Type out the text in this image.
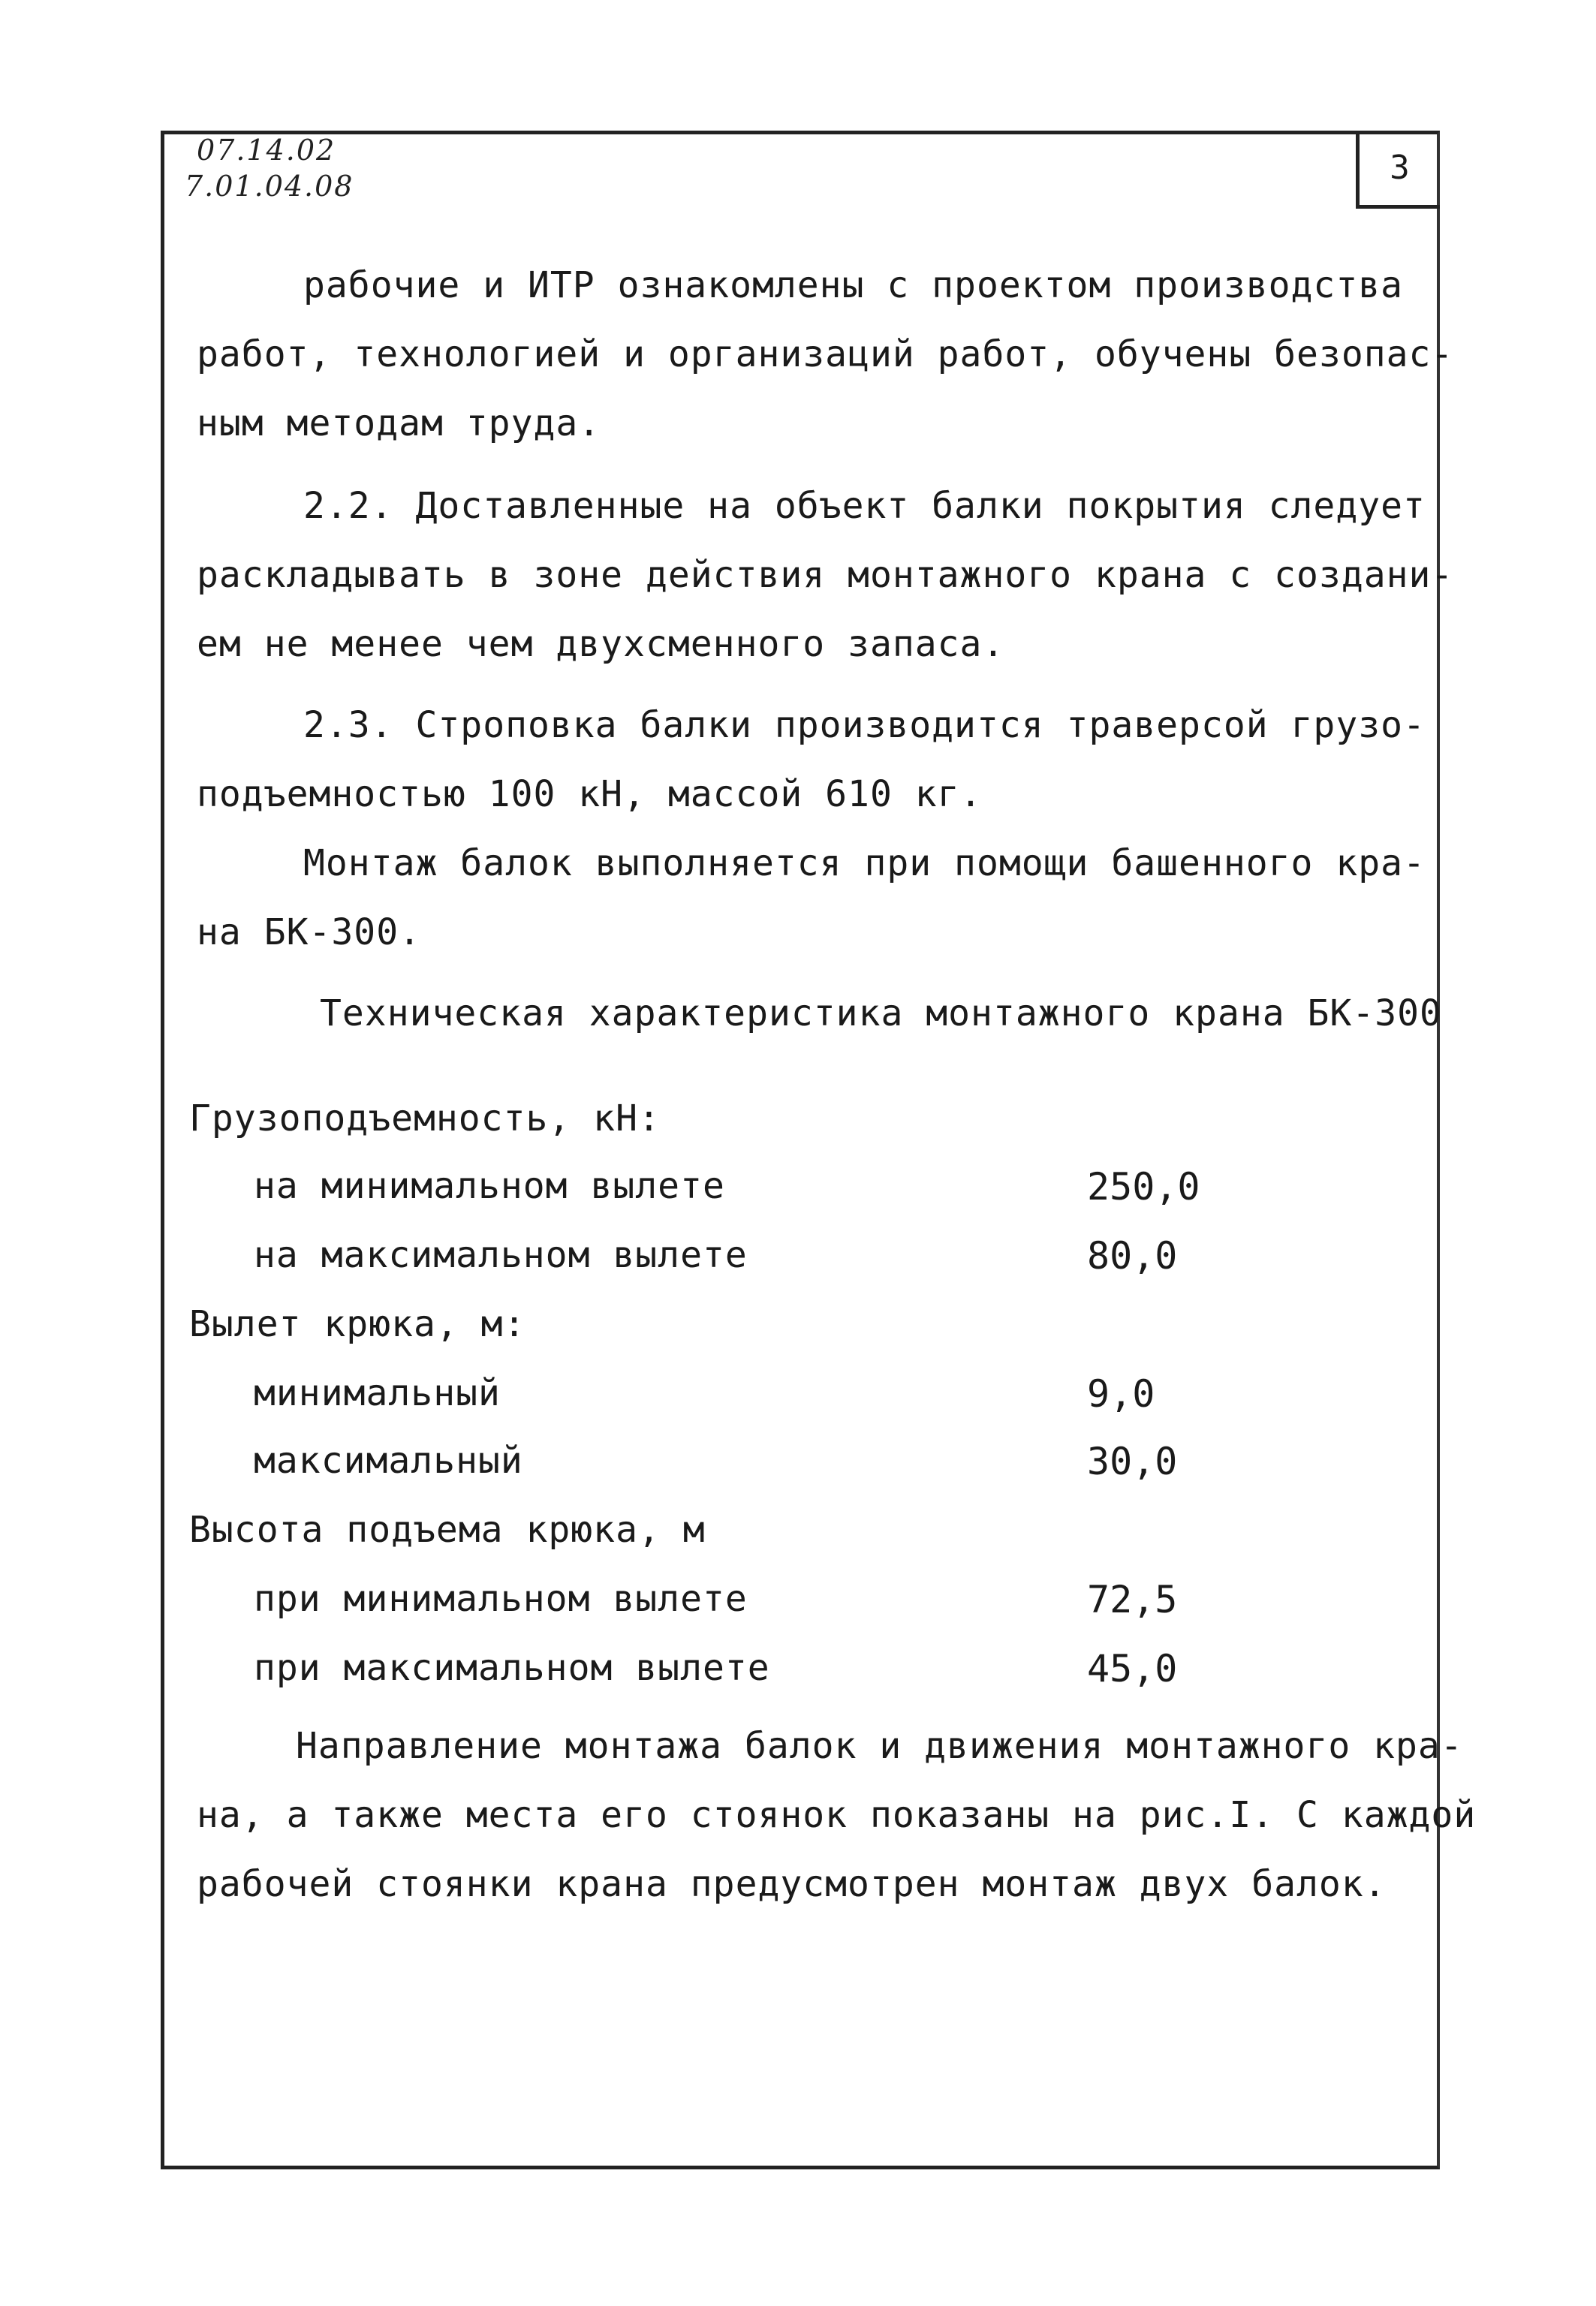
07.14.02
7.01.04.08	3
рабочие и ИТР ознакомлены с проектом производства
работ, технологией и организаций работ, обучены безопас-
ным методам труда.
2.2. Доставленные на объект балки покрытия следует
раскладывать в зоне действия монтажного крана с создани-
ем не менее чем двухсменного запаса.
2.3. Строповка балки производится траверсой грузо-
подъемностью 100 кН, массой 610 кг.
Монтаж балок выполняется при помощи башенного кра-
на БК-300.
Техническая характеристика монтажного крана БК-300
Грузоподъемность, кН:
на минимальном вылете	250,0
на максимальном вылете	80,0
Вылет крюка, м:
минимальный	9,0
максимальный	30,0
Высота подъема крюка, м
при минимальном вылете	72,5
при максимальном вылете	45,0
Направление монтажа балок и движения монтажного кра-
на, а также места его стоянок показаны на рис.I. С каждой
рабочей стоянки крана предусмотрен монтаж двух балок.
